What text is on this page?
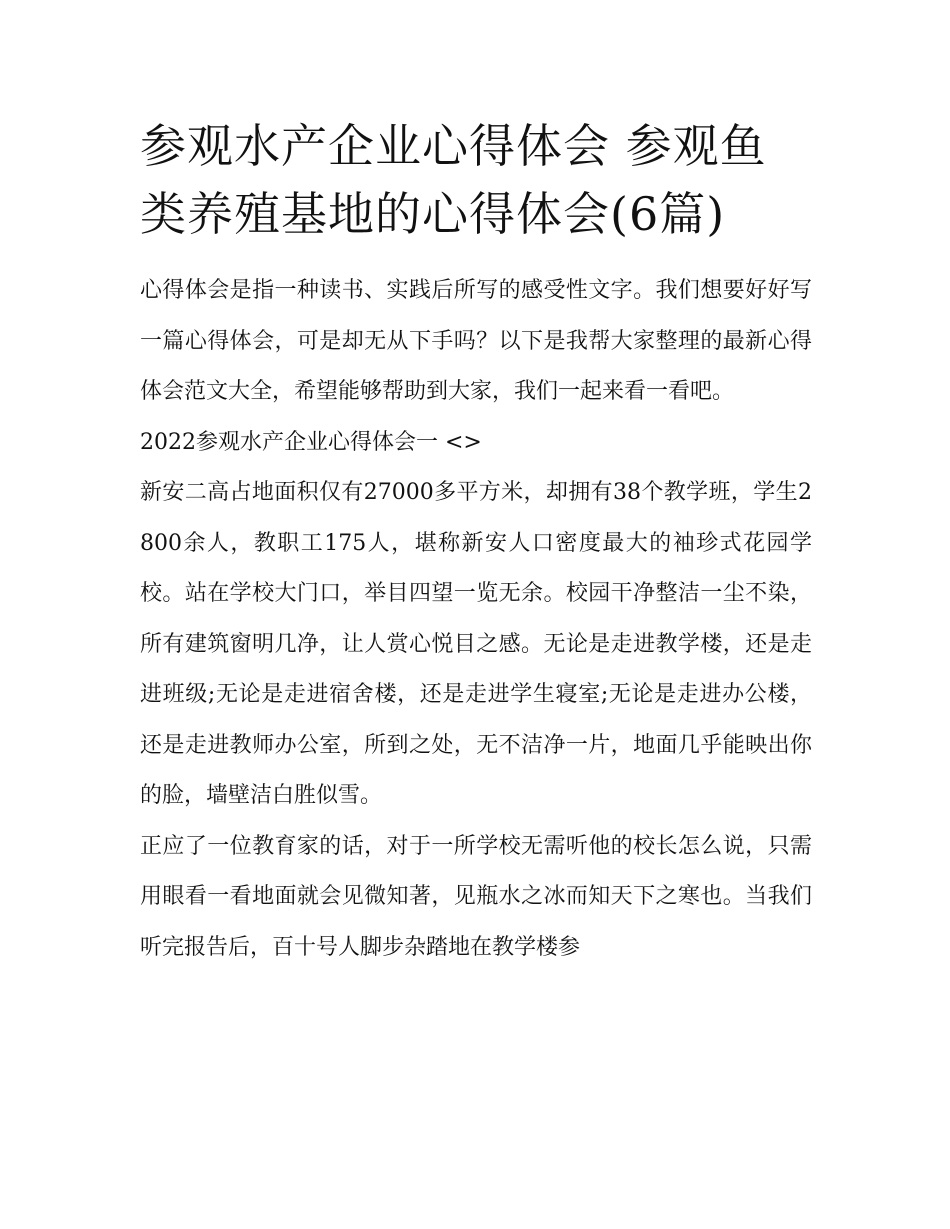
参观水产企业心得体会 参观鱼类养殖基地的心得体会(6篇)

心得体会是指一种读书、实践后所写的感受性文字。我们想要好好写一篇心得体会，可是却无从下手吗？以下是我帮大家整理的最新心得体会范文大全，希望能够帮助到大家，我们一起来看一看吧。

2022参观水产企业心得体会一 <>

新安二高占地面积仅有27000多平方米，却拥有38个教学班，学生2800余人，教职工175人，堪称新安人口密度最大的袖珍式花园学校。站在学校大门口，举目四望一览无余。校园干净整洁一尘不染，所有建筑窗明几净，让人赏心悦目之感。无论是走进教学楼，还是走进班级;无论是走进宿舍楼，还是走进学生寝室;无论是走进办公楼，还是走进教师办公室，所到之处，无不洁净一片，地面几乎能映出你的脸，墙壁洁白胜似雪。

正应了一位教育家的话，对于一所学校无需听他的校长怎么说，只需用眼看一看地面就会见微知著，见瓶水之冰而知天下之寒也。当我们听完报告后，百十号人脚步杂踏地在教学楼参
